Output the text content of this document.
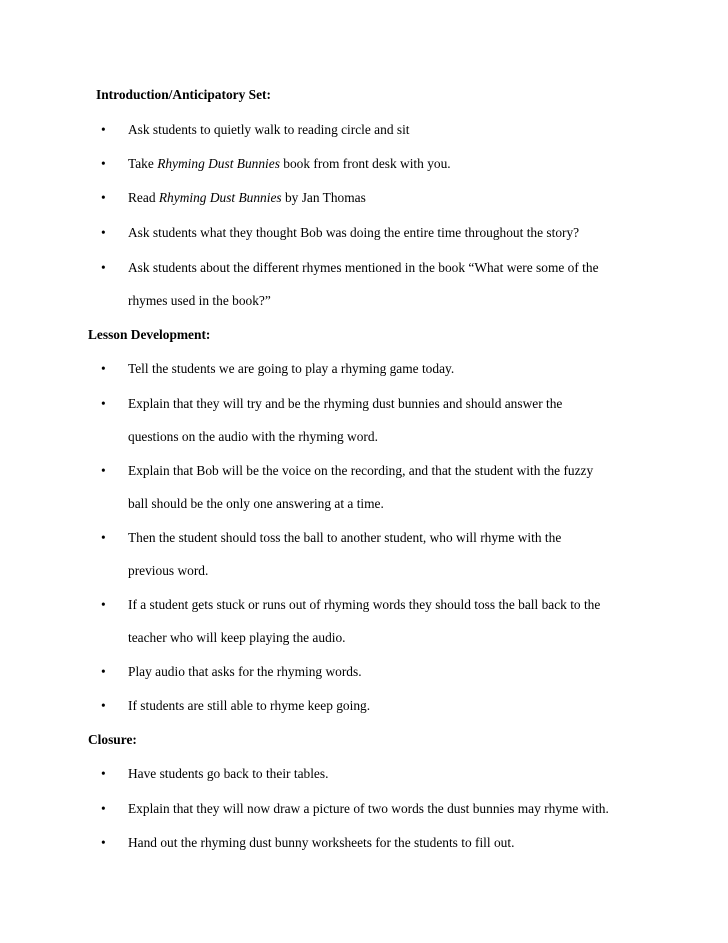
Introduction/Anticipatory Set:
• Ask students to quietly walk to reading circle and sit
• Take Rhyming Dust Bunnies book from front desk with you.
• Read Rhyming Dust Bunnies by Jan Thomas
• Ask students what they thought Bob was doing the entire time throughout the story?
• Ask students about the different rhymes mentioned in the book “What were some of the
rhymes used in the book?”
Lesson Development:
• Tell the students we are going to play a rhyming game today.
• Explain that they will try and be the rhyming dust bunnies and should answer the
questions on the audio with the rhyming word.
• Explain that Bob will be the voice on the recording, and that the student with the fuzzy
ball should be the only one answering at a time.
• Then the student should toss the ball to another student, who will rhyme with the
previous word.
• If a student gets stuck or runs out of rhyming words they should toss the ball back to the
teacher who will keep playing the audio.
• Play audio that asks for the rhyming words.
• If students are still able to rhyme keep going.
Closure:
• Have students go back to their tables.
• Explain that they will now draw a picture of two words the dust bunnies may rhyme with.
• Hand out the rhyming dust bunny worksheets for the students to fill out.
